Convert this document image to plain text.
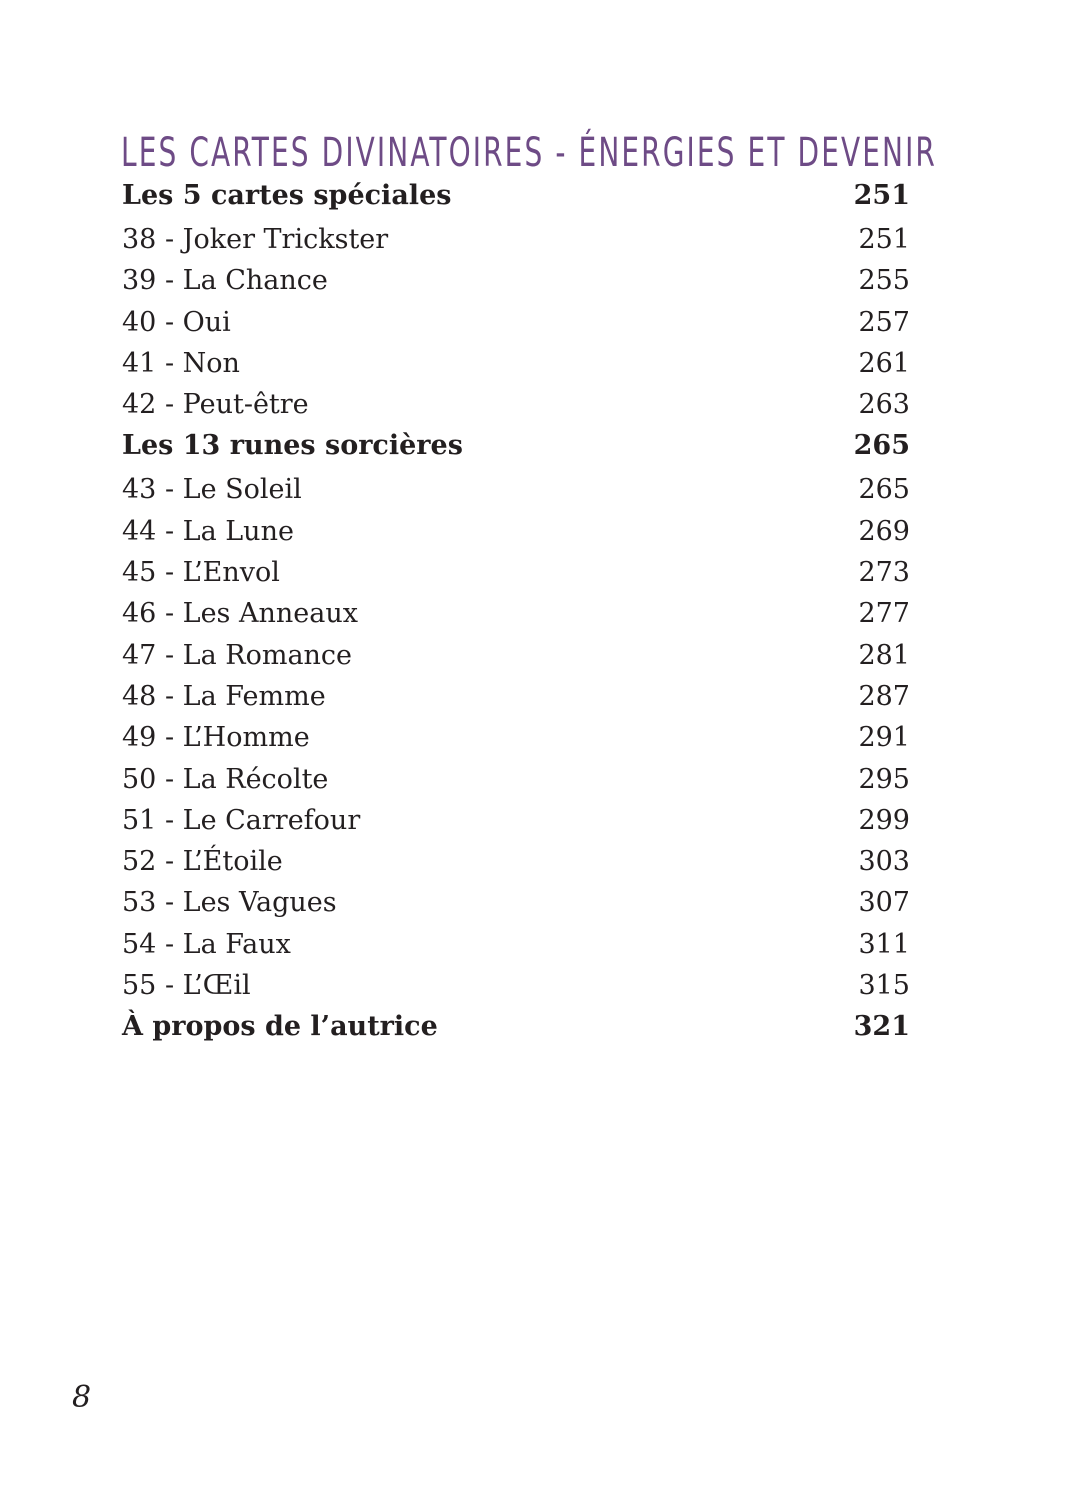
LES CARTES DIVINATOIRES - ÉNERGIES ET DEVENIR
Les 5 cartes spéciales	251
38 - Joker Trickster	251
39 - La Chance	255
40 - Oui	257
41 - Non	261
42 - Peut-être	263
Les 13 runes sorcières	265
43 - Le Soleil	265
44 - La Lune	269
45 - L’Envol	273
46 - Les Anneaux	277
47 - La Romance	281
48 - La Femme	287
49 - L’Homme	291
50 - La Récolte	295
51 - Le Carrefour	299
52 - L’Étoile	303
53 - Les Vagues	307
54 - La Faux	311
55 - L’Œil	315
À propos de l’autrice	321
8
